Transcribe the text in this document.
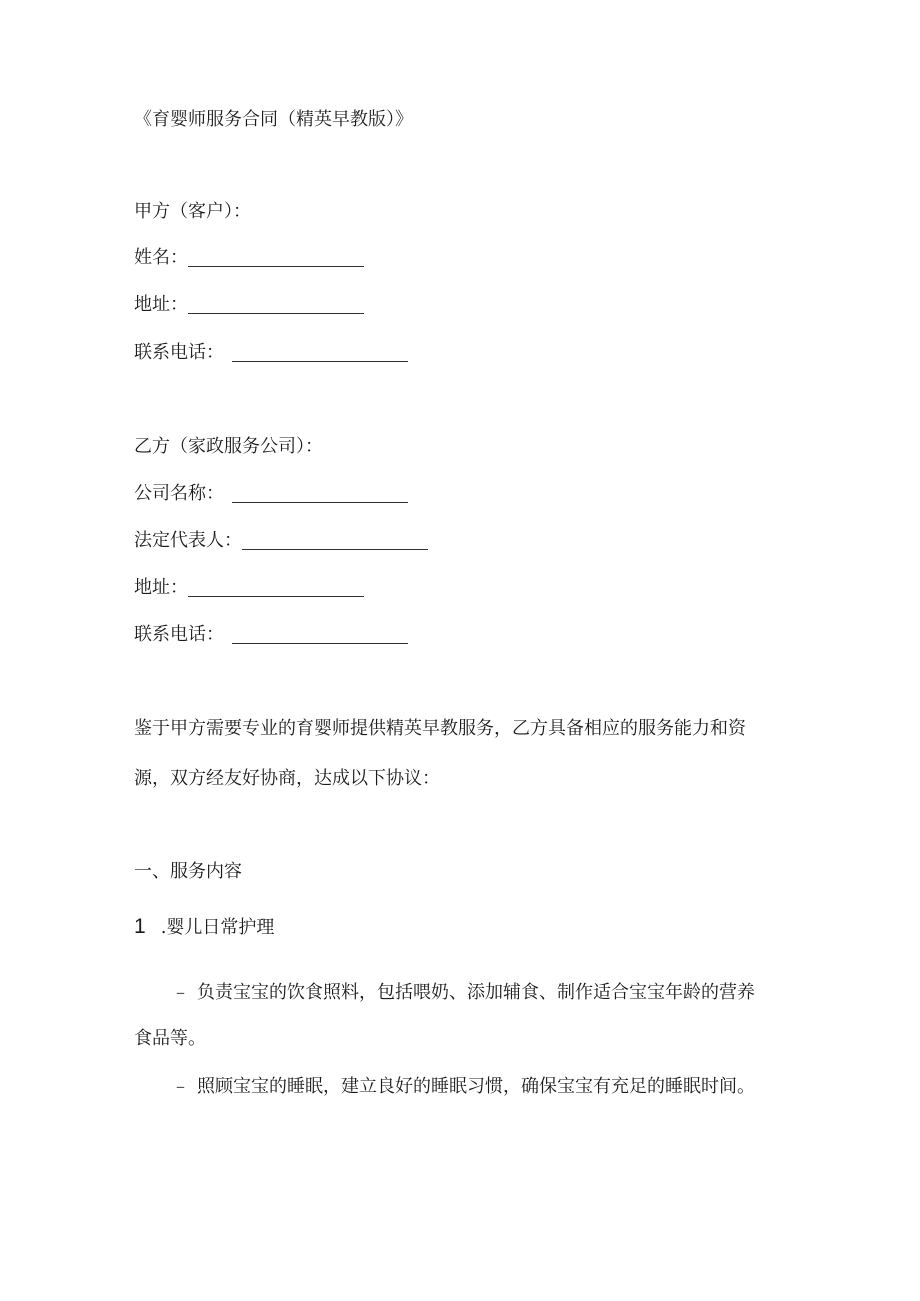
《育婴师服务合同（精英早教版）》
甲方（客户）：
姓名：
地址：
联系电话：
乙方（家政服务公司）：
公司名称：
法定代表人：
地址：
联系电话：
鉴于甲方需要专业的育婴师提供精英早教服务，乙方具备相应的服务能力和资
源，双方经友好协商，达成以下协议：
一、服务内容
1 .婴儿日常护理
– 负责宝宝的饮食照料，包括喂奶、添加辅食、制作适合宝宝年龄的营养
食品等。
– 照顾宝宝的睡眠，建立良好的睡眠习惯，确保宝宝有充足的睡眠时间。
